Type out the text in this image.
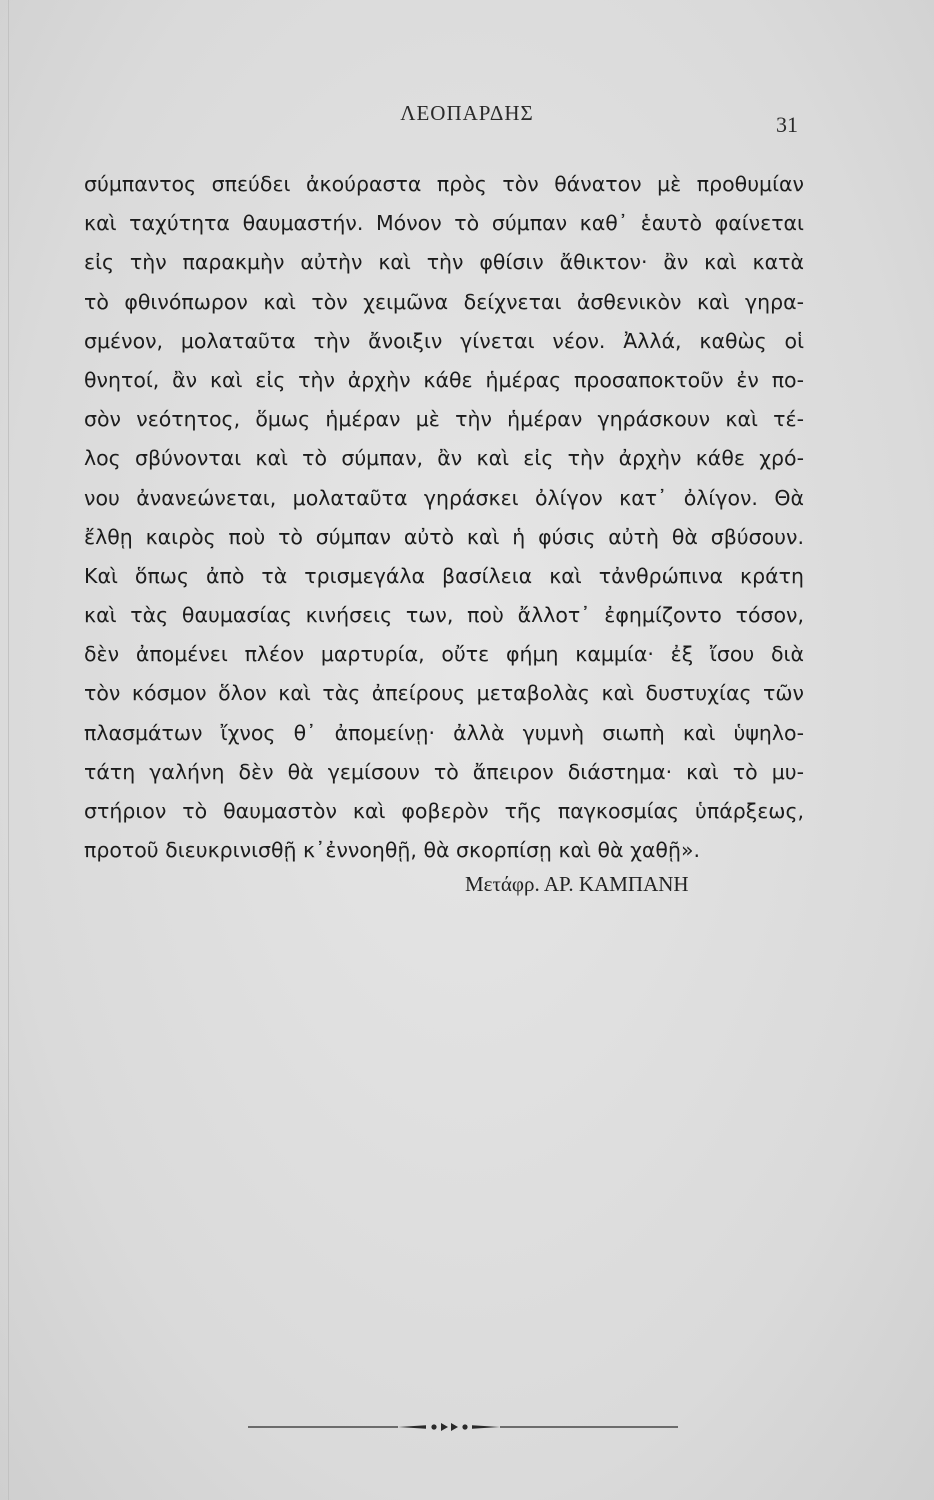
ΛΕΟΠΑΡΔΗΣ	31
σύμπαντος σπεύδει ἀκούραστα πρὸς τὸν θάνατον μὲ προθυμίαν
καὶ ταχύτητα θαυμαστήν. Μόνον τὸ σύμπαν καθ᾽ ἑαυτὸ φαίνεται
εἰς τὴν παρακμὴν αὐτὴν καὶ τὴν φθίσιν ἄθικτον· ἂν καὶ κατὰ
τὸ φθινόπωρον καὶ τὸν χειμῶνα δείχνεται ἀσθενικὸν καὶ γηρα-
σμένον, μολαταῦτα τὴν ἄνοιξιν γίνεται νέον. Ἀλλά, καθὼς οἱ
θνητοί, ἂν καὶ εἰς τὴν ἀρχὴν κάθε ἡμέρας προσαποκτοῦν ἐν πο-
σὸν νεότητος, ὅμως ἡμέραν μὲ τὴν ἡμέραν γηράσκουν καὶ τέ-
λος σβύνονται καὶ τὸ σύμπαν, ἂν καὶ εἰς τὴν ἀρχὴν κάθε χρό-
νου ἀνανεώνεται, μολαταῦτα γηράσκει ὀλίγον κατ᾽ ὀλίγον. Θὰ
ἔλθῃ καιρὸς ποὺ τὸ σύμπαν αὐτὸ καὶ ἡ φύσις αὐτὴ θὰ σβύσουν.
Καὶ ὅπως ἀπὸ τὰ τρισμεγάλα βασίλεια καὶ τἀνθρώπινα κράτη
καὶ τὰς θαυμασίας κινήσεις των, ποὺ ἄλλοτ᾽ ἐφημίζοντο τόσον,
δὲν ἀπομένει πλέον μαρτυρία, οὔτε φήμη καμμία· ἐξ ἴσου διὰ
τὸν κόσμον ὅλον καὶ τὰς ἀπείρους μεταβολὰς καὶ δυστυχίας τῶν
πλασμάτων ἴχνος θ᾽ ἀπομείνῃ· ἀλλὰ γυμνὴ σιωπὴ καὶ ὑψηλο-
τάτη γαλήνη δὲν θὰ γεμίσουν τὸ ἄπειρον διάστημα· καὶ τὸ μυ-
στήριον τὸ θαυμαστὸν καὶ φοβερὸν τῆς παγκοσμίας ὑπάρξεως,
προτοῦ διευκρινισθῇ κ᾽ἐννοηθῇ, θὰ σκορπίσῃ καὶ θὰ χαθῇ».
Μετάφρ. ΑΡ. ΚΑΜΠΑΝΗ
